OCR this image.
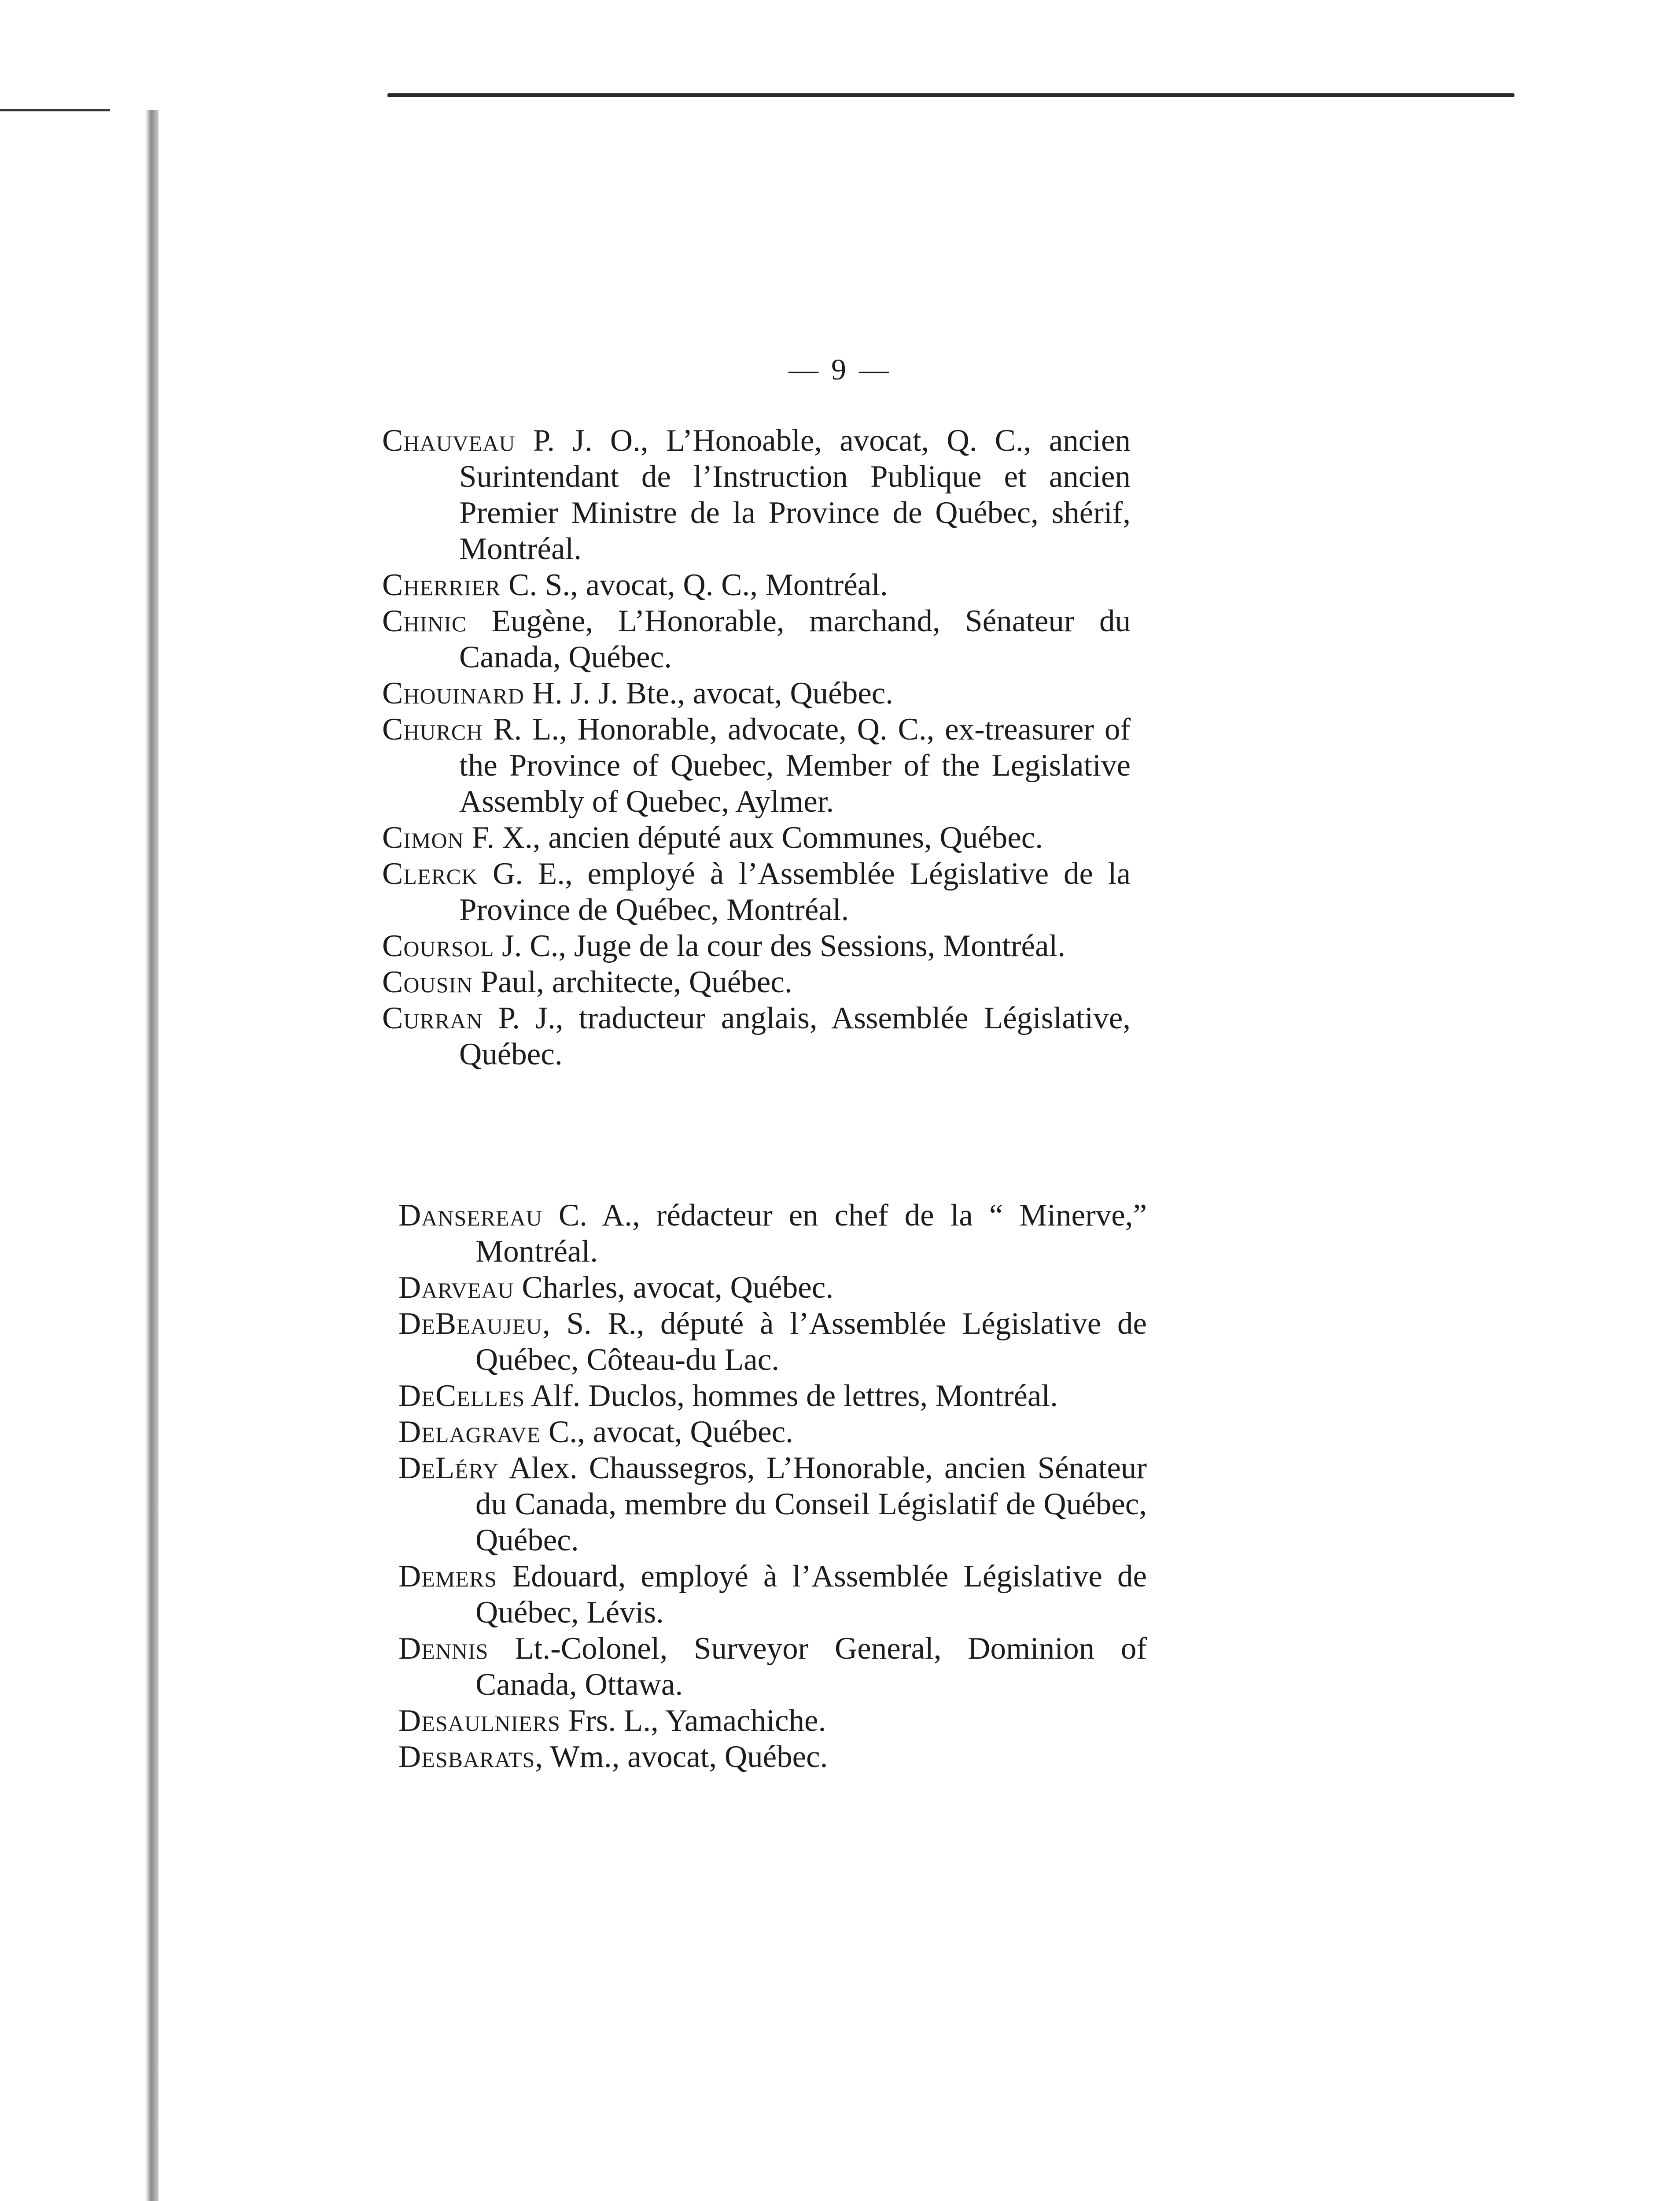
— 9 —

Chauveau P. J. O., L’Honoable, avocat, Q. C., ancien Surintendant de l’Instruction Publique et ancien Premier Ministre de la Province de Québec, shérif, Montréal.

Cherrier C. S., avocat, Q. C., Montréal.

Chinic Eugène, L’Honorable, marchand, Sénateur du Canada, Québec.

Chouinard H. J. J. Bte., avocat, Québec.

Church R. L., Honorable, advocate, Q. C., ex-treasurer of the Province of Quebec, Member of the Legislative Assembly of Quebec, Aylmer.

Cimon F. X., ancien député aux Communes, Québec.

Clerck G. E., employé à l’Assemblée Législative de la Province de Québec, Montréal.

Coursol J. C., Juge de la cour des Sessions, Montréal.

Cousin Paul, architecte, Québec.

Curran P. J., traducteur anglais, Assemblée Législative, Québec.

Dansereau C. A., rédacteur en chef de la “ Minerve,” Montréal.

Darveau Charles, avocat, Québec.

DeBeaujeu, S. R., député à l’Assemblée Législative de Québec, Côteau-du Lac.

DeCelles Alf. Duclos, hommes de lettres, Montréal.

Delagrave C., avocat, Québec.

DeLéry Alex. Chaussegros, L’Honorable, ancien Sénateur du Canada, membre du Conseil Législatif de Québec, Québec.

Demers Edouard, employé à l’Assemblée Législative de Québec, Lévis.

Dennis Lt.-Colonel, Surveyor General, Dominion of Canada, Ottawa.

Desaulniers Frs. L., Yamachiche.

Desbarats, Wm., avocat, Québec.
